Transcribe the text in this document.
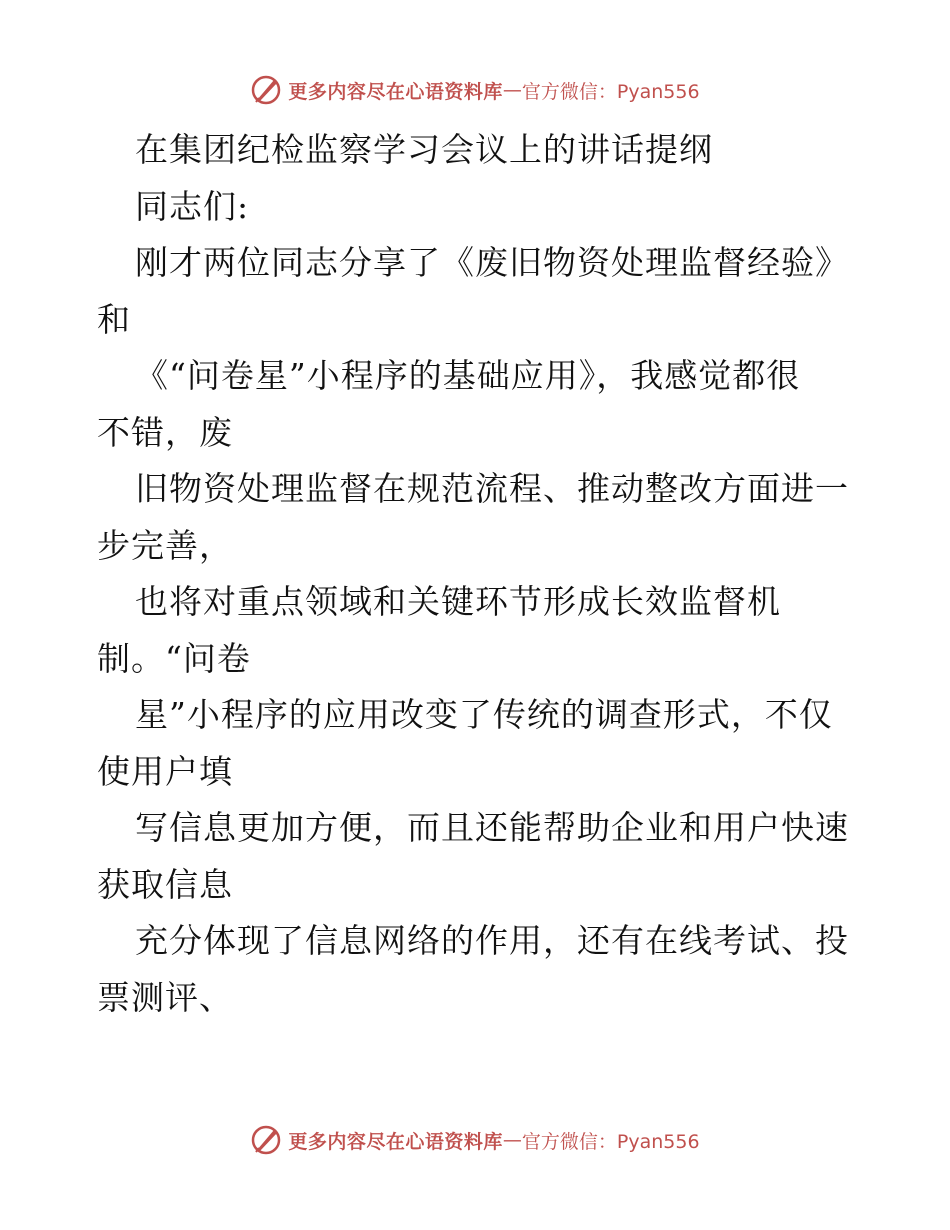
更多内容尽在心语资料库 — 官方微信：Pyan556
在集团纪检监察学习会议上的讲话提纲
同志们:
刚才两位同志分享了《废旧物资处理监督经验》
和
《“问卷星”小程序的基础应用》，我感觉都很
不错，废
旧物资处理监督在规范流程、推动整改方面进一
步完善，
也将对重点领域和关键环节形成长效监督机
制。“问卷
星”小程序的应用改变了传统的调查形式，不仅
使用户填
写信息更加方便，而且还能帮助企业和用户快速
获取信息
充分体现了信息网络的作用，还有在线考试、投
票测评、
更多内容尽在心语资料库 — 官方微信：Pyan556
